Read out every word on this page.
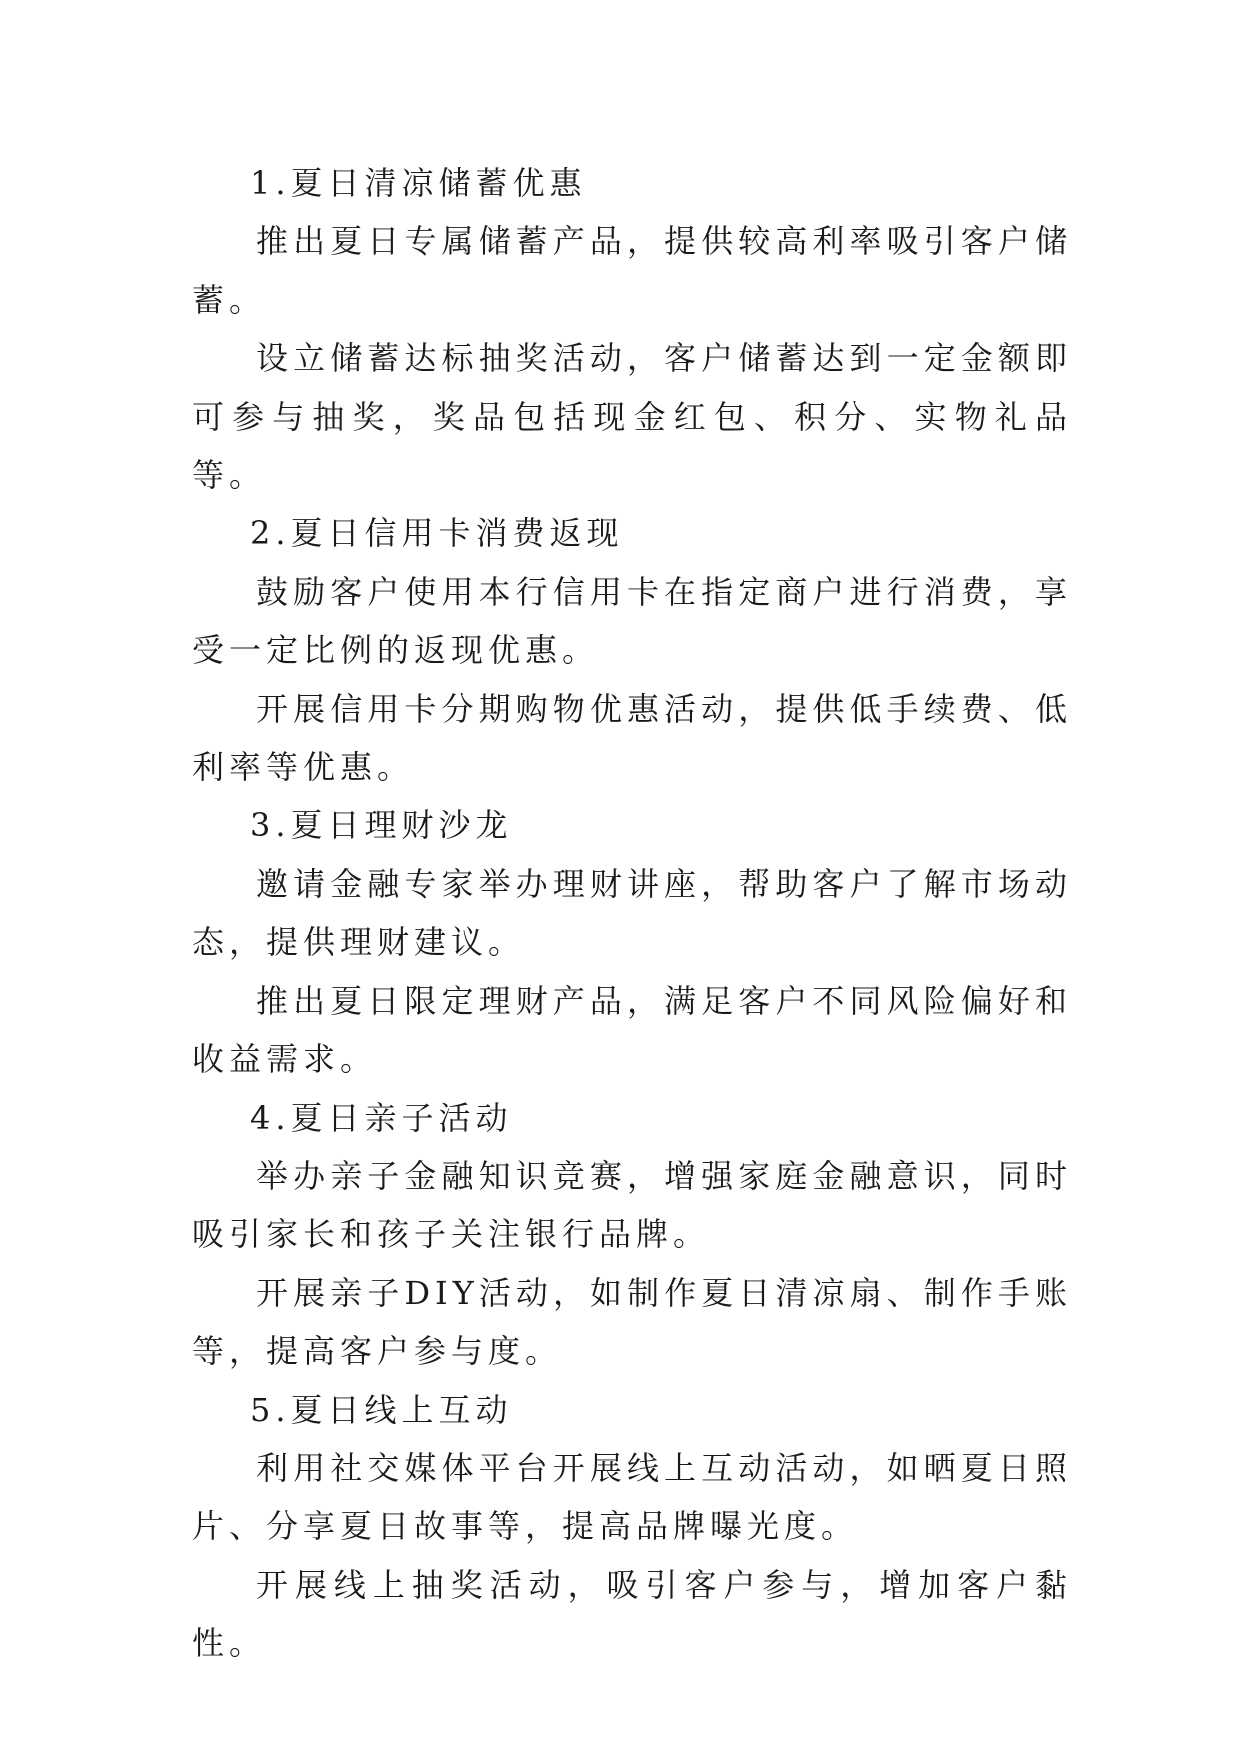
1.夏日清凉储蓄优惠

推出夏日专属储蓄产品，提供较高利率吸引客户储蓄。

设立储蓄达标抽奖活动，客户储蓄达到一定金额即可参与抽奖，奖品包括现金红包、积分、实物礼品等。

2.夏日信用卡消费返现

鼓励客户使用本行信用卡在指定商户进行消费，享受一定比例的返现优惠。

开展信用卡分期购物优惠活动，提供低手续费、低利率等优惠。

3.夏日理财沙龙

邀请金融专家举办理财讲座，帮助客户了解市场动态，提供理财建议。

推出夏日限定理财产品，满足客户不同风险偏好和收益需求。

4.夏日亲子活动

举办亲子金融知识竞赛，增强家庭金融意识，同时吸引家长和孩子关注银行品牌。

开展亲子DIY活动，如制作夏日清凉扇、制作手账等，提高客户参与度。

5.夏日线上互动

利用社交媒体平台开展线上互动活动，如晒夏日照片、分享夏日故事等，提高品牌曝光度。

开展线上抽奖活动，吸引客户参与，增加客户黏性。
